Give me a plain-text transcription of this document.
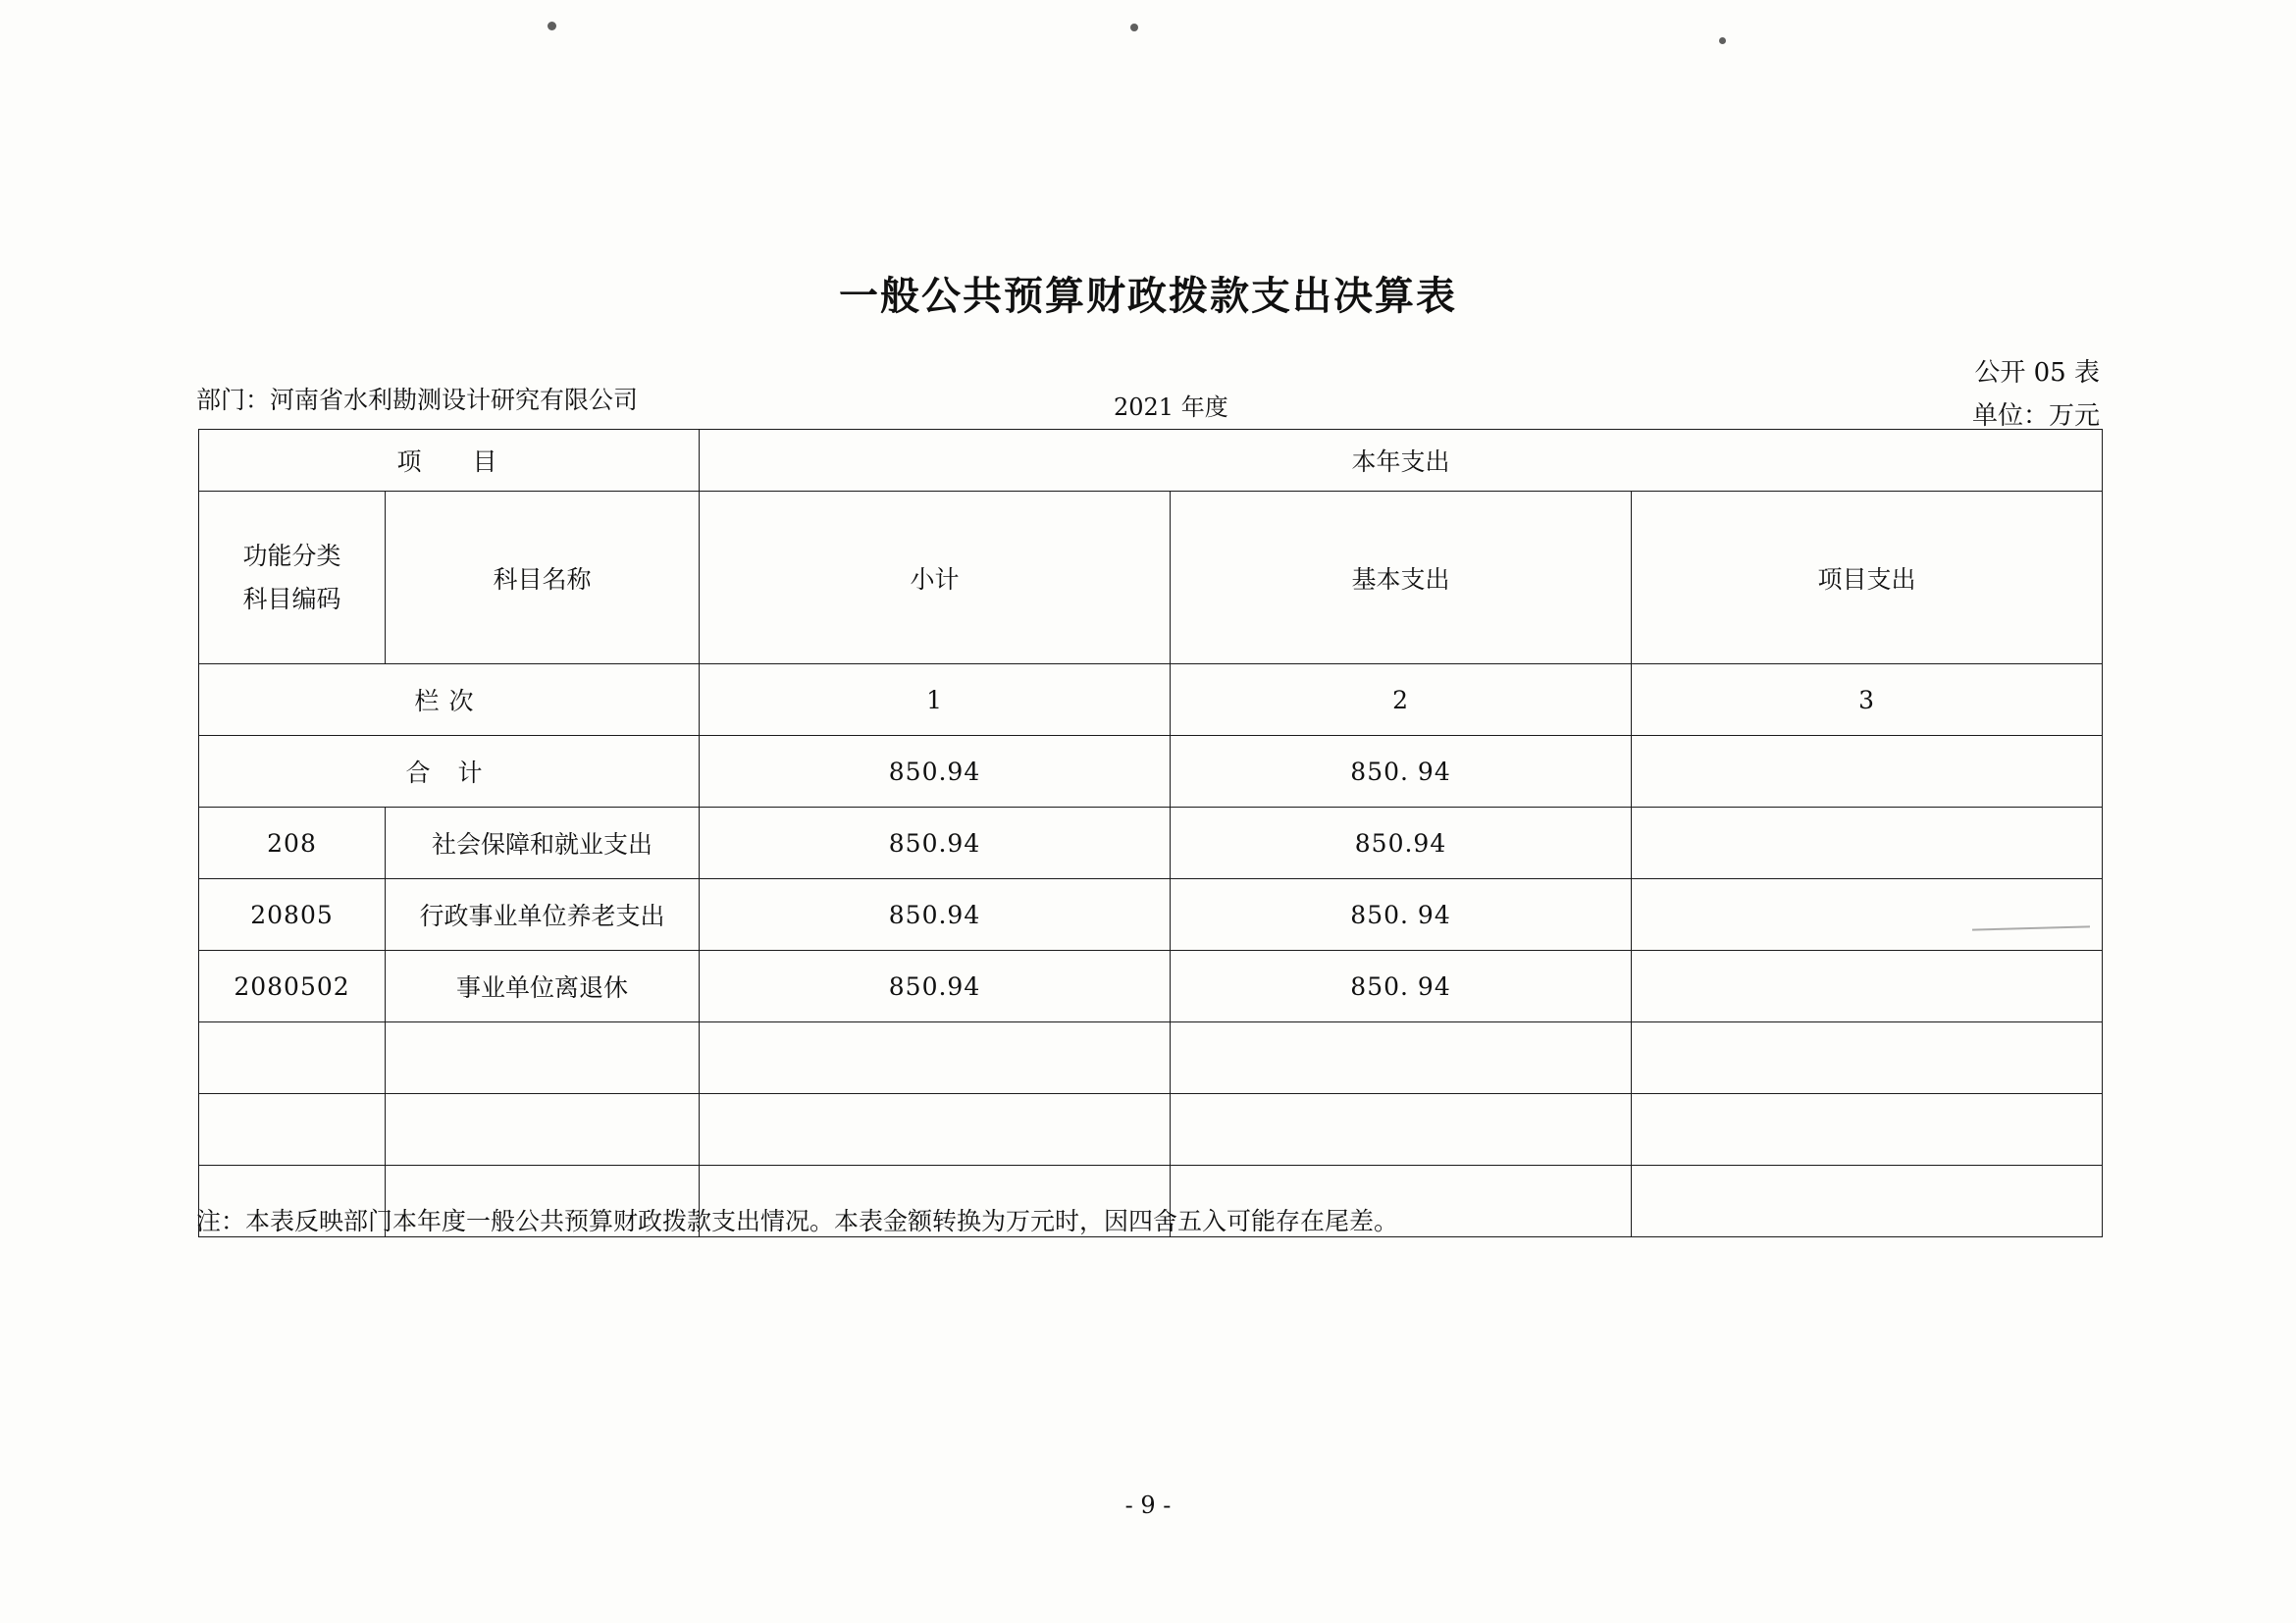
一般公共预算财政拨款支出决算表
部门：河南省水利勘测设计研究有限公司	2021 年度
公开 05 表
单位：万元
项 目		本年支出		

功能分类
科目编码	科目名称	小计	基本支出	项目支出
栏次		1	2	3
合 计		850.94	850. 94	
208	社会保障和就业支出	850.94	850.94	
20805	行政事业单位养老支出	850.94	850. 94	
2080502	事业单位离退休	850.94	850. 94	

注：本表反映部门本年度一般公共预算财政拨款支出情况。本表金额转换为万元时，因四舍五入可能存在尾差。
- 9 -
